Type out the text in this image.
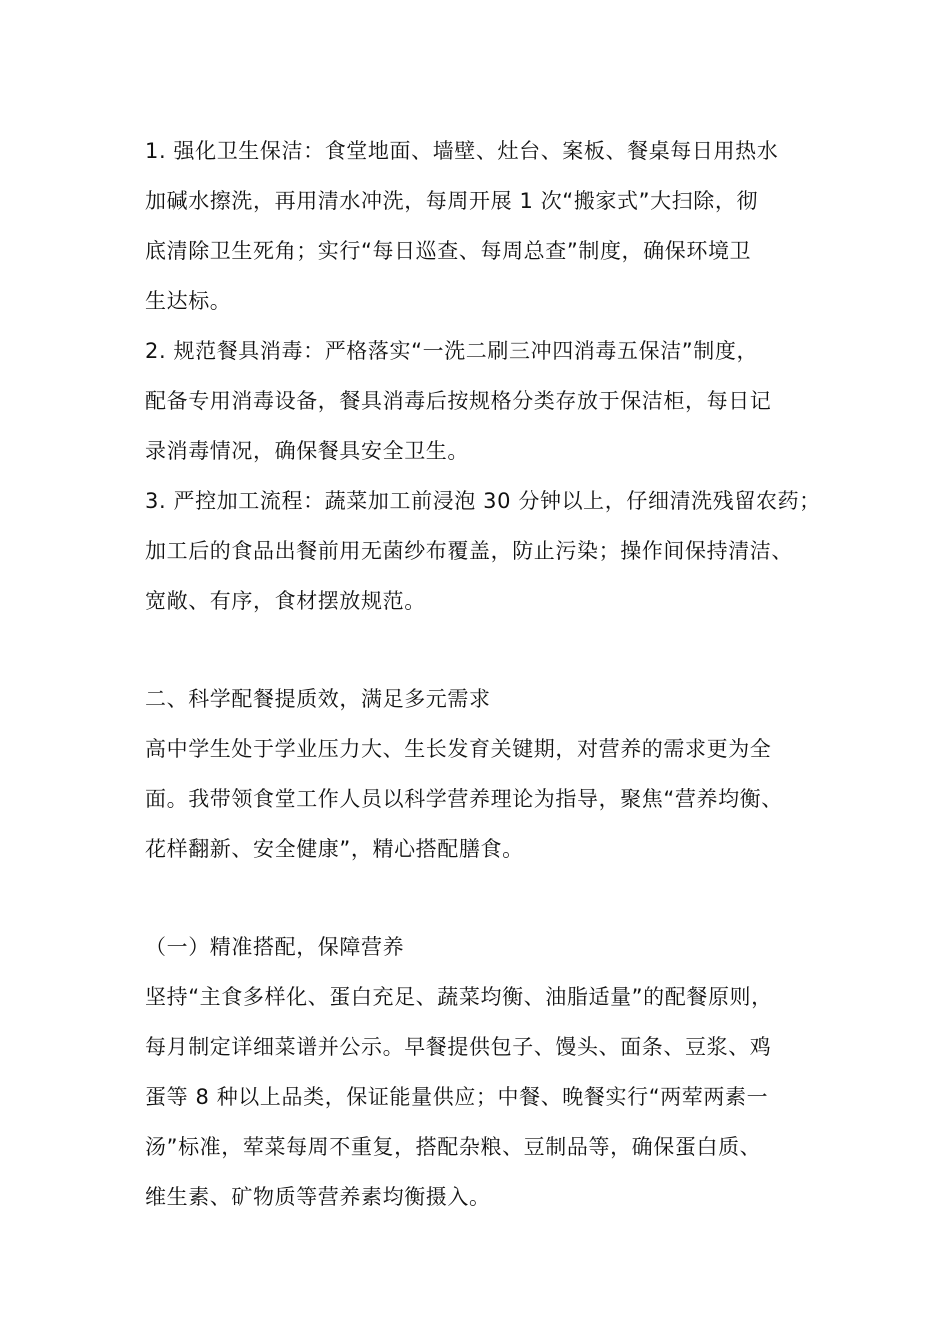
1. 强化卫生保洁：食堂地面、墙壁、灶台、案板、餐桌每日用热水
加碱水擦洗，再用清水冲洗，每周开展 1 次“搬家式”大扫除，彻
底清除卫生死角；实行“每日巡查、每周总查”制度，确保环境卫
生达标。
2. 规范餐具消毒：严格落实“一洗二刷三冲四消毒五保洁”制度，
配备专用消毒设备，餐具消毒后按规格分类存放于保洁柜，每日记
录消毒情况，确保餐具安全卫生。
3. 严控加工流程：蔬菜加工前浸泡 30 分钟以上，仔细清洗残留农药；
加工后的食品出餐前用无菌纱布覆盖，防止污染；操作间保持清洁、
宽敞、有序，食材摆放规范。
二、科学配餐提质效，满足多元需求
高中学生处于学业压力大、生长发育关键期，对营养的需求更为全
面。我带领食堂工作人员以科学营养理论为指导，聚焦“营养均衡、
花样翻新、安全健康”，精心搭配膳食。
（一）精准搭配，保障营养
坚持“主食多样化、蛋白充足、蔬菜均衡、油脂适量”的配餐原则，
每月制定详细菜谱并公示。早餐提供包子、馒头、面条、豆浆、鸡
蛋等 8 种以上品类，保证能量供应；中餐、晚餐实行“两荤两素一
汤”标准，荤菜每周不重复，搭配杂粮、豆制品等，确保蛋白质、
维生素、矿物质等营养素均衡摄入。
